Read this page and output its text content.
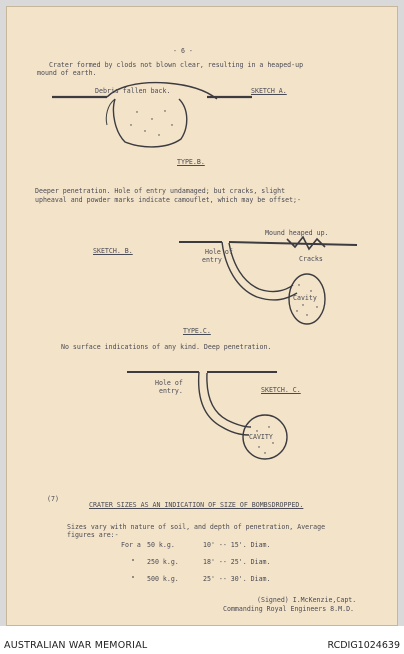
- 6 -
Crater formed by clods not blown clear, resulting in a heaped-up
mound of earth.
Debris fallen back.	SKETCH A.
TYPE.B.
Deeper penetration. Hole of entry undamaged; but cracks, slight
upheaval and powder marks indicate camouflet, which may be offset;-
Mound heaped up.
SKETCH. B.	Hole of
entry	Cracks
Cavity
TYPE.C.
No surface indications of any kind. Deep penetration.
Hole of
entry.	SKETCH. C.
CAVITY
(7)
CRATER SIZES AS AN INDICATION OF SIZE OF BOMBSDROPPED.
Sizes vary with nature of soil, and depth of penetration, Average
figures are:-
For a 50 k.g.	10' -- 15'. Diam.
" 250 k.g.	18' -- 25'. Diam.
" 500 k.g.	25' -- 30'. Diam.
(Signed) I.McKenzie,Capt.
Commanding Royal Engineers 8.M.D.
AUSTRALIAN WAR MEMORIAL	RCDIG1024639
